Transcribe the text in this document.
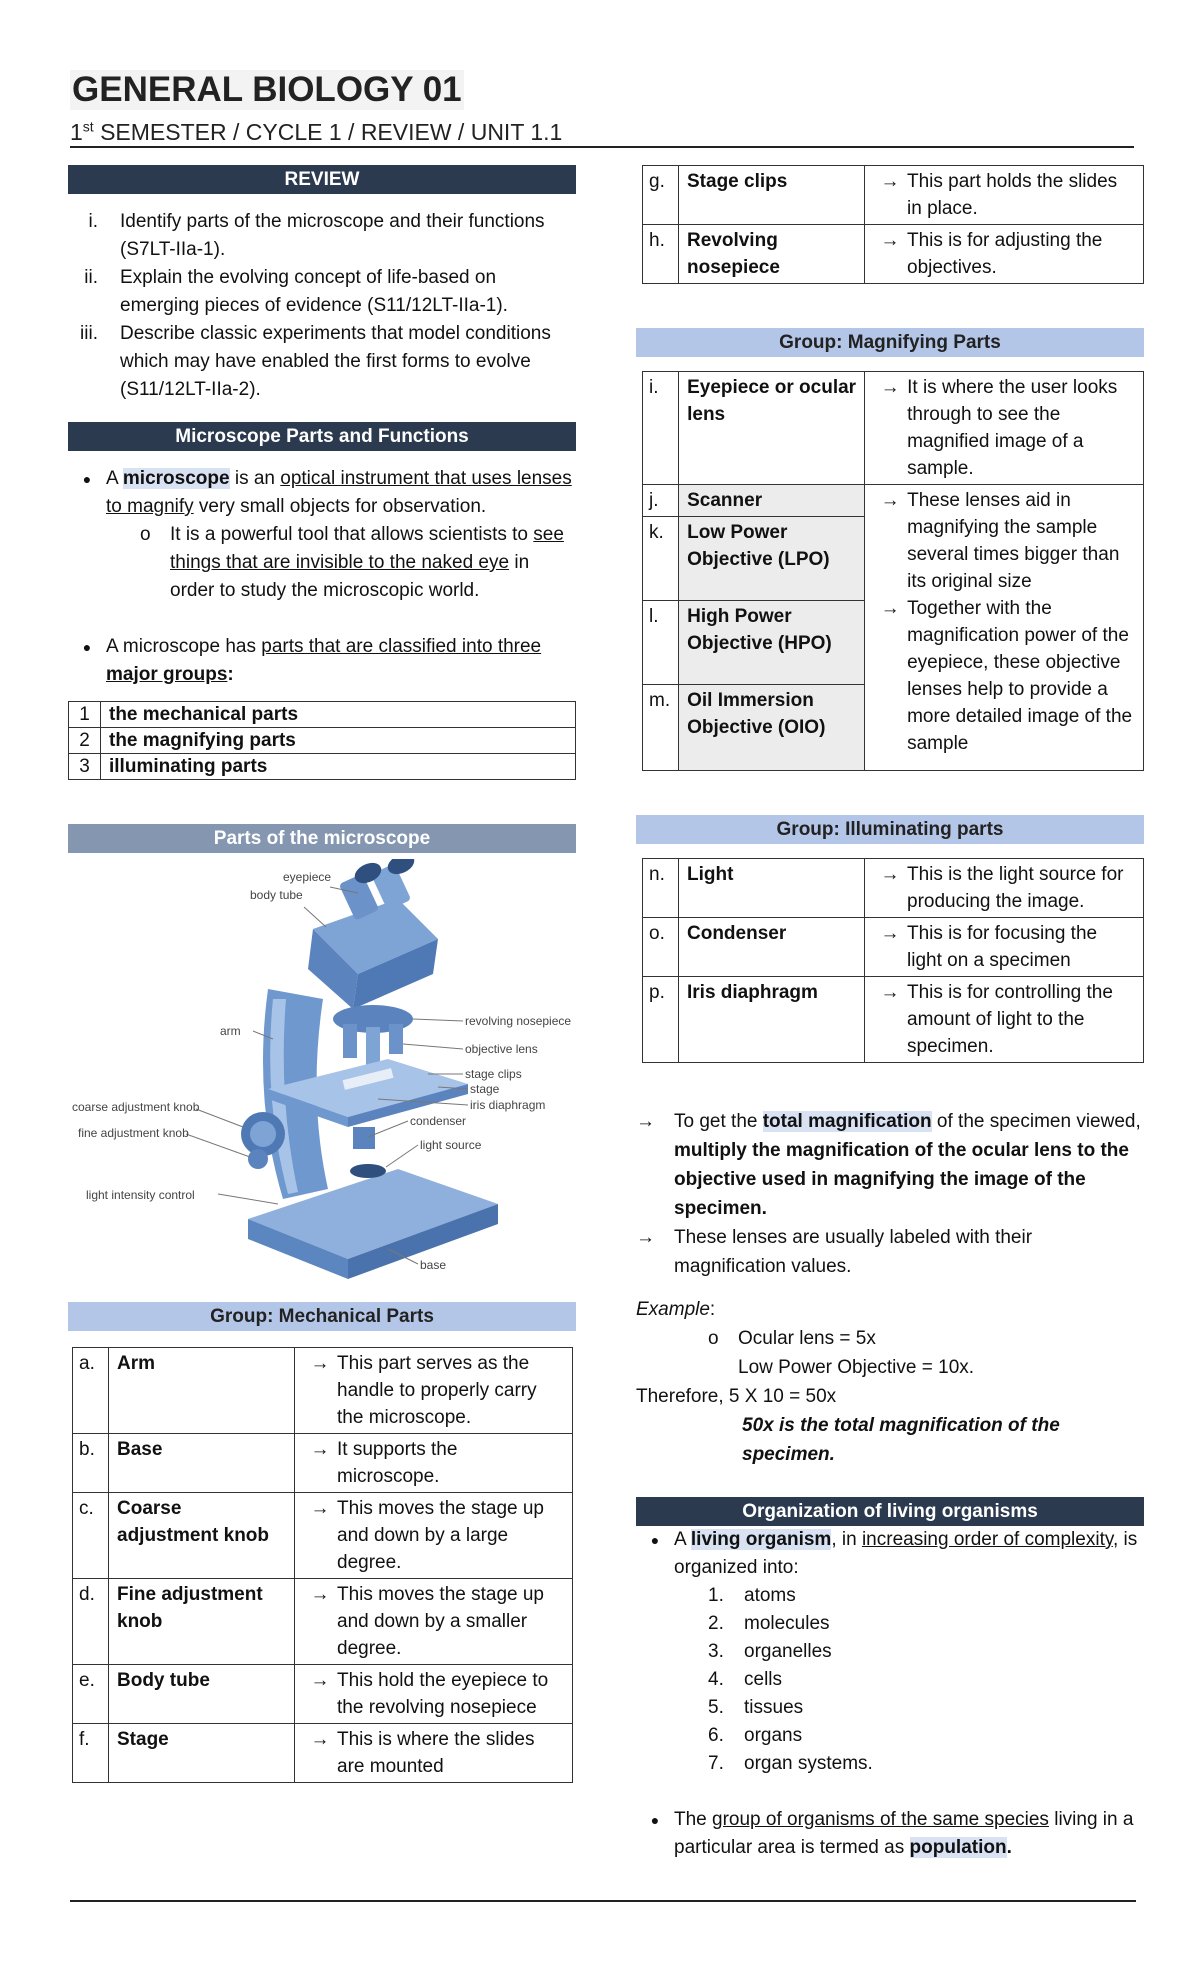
GENERAL BIOLOGY 01
1st SEMESTER / CYCLE 1 / REVIEW / UNIT 1.1
REVIEW
i.	Identify parts of the microscope and their functions (S7LT-IIa-1).
ii.	Explain the evolving concept of life-based on emerging pieces of evidence (S11/12LT-IIa-1).
iii.	Describe classic experiments that model conditions which may have enabled the first forms to evolve (S11/12LT-IIa-2).
Microscope Parts and Functions
● A microscope is an optical instrument that uses lenses to magnify very small objects for observation.
o	It is a powerful tool that allows scientists to see things that are invisible to the naked eye in order to study the microscopic world.
● A microscope has parts that are classified into three major groups:
1	the mechanical parts
2	the magnifying parts
3	illuminating parts
Parts of the microscope
eyepiece
body tube
revolving nosepiece
arm
objective lens
stage clips
stage
iris diaphragm
coarse adjustment knob
fine adjustment knob
condenser
light source
light intensity control
base
Group: Mechanical Parts
a.	Arm	→ This part serves as the handle to properly carry the microscope.

b.	Base	→ It supports the microscope.

c.	Coarse adjustment knob	→ This moves the stage up and down by a large degree.

d.	Fine adjustment knob	→ This moves the stage up and down by a smaller degree.

e.	Body tube	→ This hold the eyepiece to the revolving nosepiece

f.	Stage	→ This is where the slides are mounted
g.	Stage clips	→ This part holds the slides in place.

h.	Revolving nosepiece	→ This is for adjusting the objectives.
Group: Magnifying Parts
i.	Eyepiece or ocular lens	→ It is where the user looks through to see the magnified image of a sample.

j.	Scanner	→ These lenses aid in magnifying the sample several times bigger than its original size
→ Together with the magnification power of the eyepiece, these objective lenses help to provide a more detailed image of the sample

k.	Low Power Objective (LPO)	
l.	High Power Objective (HPO)	
m.	Oil Immersion Objective (OIO)	
Group: Illuminating parts
n.	Light	→ This is the light source for producing the image.

o.	Condenser	→ This is for focusing the light on a specimen

p.	Iris diaphragm	→ This is for controlling the amount of light to the specimen.
→	To get the total magnification of the specimen viewed, multiply the magnification of the ocular lens to the objective used in magnifying the image of the specimen.
→	These lenses are usually labeled with their magnification values.
Example:
o	Ocular lens = 5x
Low Power Objective = 10x.
Therefore, 5 X 10 = 50x
50x is the total magnification of the
specimen.
Organization of living organisms
● A living organism, in increasing order of complexity, is organized into:
1.	atoms
2.	molecules
3.	organelles
4.	cells
5.	tissues
6.	organs
7.	organ systems.
● The group of organisms of the same species living in a particular area is termed as population.
